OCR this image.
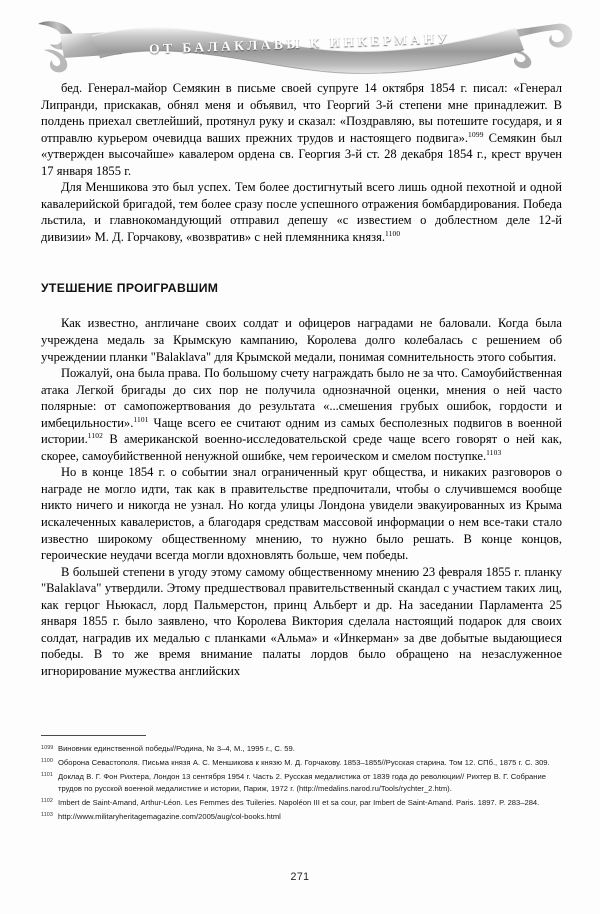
ОТ БАЛАКЛАВЫ К ИНКЕРМАНУ

бед. Генерал-майор Семякин в письме своей супруге 14 октября 1854 г. писал: «Генерал Липранди, прискакав, обнял меня и объявил, что Георгий 3-й степени мне принадлежит. В полдень приехал светлейший, протянул руку и сказал: «Поздравляю, вы потешите государя, и я отправлю курьером очевидца ваших прежних трудов и настоящего подвига».$^{1099}$ Семякин был «утвержден высочайше» кавалером ордена св. Георгия 3-й ст. 28 декабря 1854 г., крест вручен 17 января 1855 г.

Для Меншикова это был успех. Тем более достигнутый всего лишь одной пехотной и одной кавалерийской бригадой, тем более сразу после успешного отражения бомбардирования. Победа льстила, и главнокомандующий отправил депешу «с известием о доблестном деле 12-й дивизии» М. Д. Горчакову, «возвратив» с ней племянника князя.$^{1100}$

УТЕШЕНИЕ ПРОИГРАВШИМ

Как известно, англичане своих солдат и офицеров наградами не баловали. Когда была учреждена медаль за Крымскую кампанию, Королева долго колебалась с решением об учреждении планки "Balaklava" для Крымской медали, понимая сомнительность этого события.

Пожалуй, она была права. По большому счету награждать было не за что. Самоубийственная атака Легкой бригады до сих пор не получила однозначной оценки, мнения о ней часто полярные: от самопожертвования до результата «...смешения грубых ошибок, гордости и имбецильности».$^{1101}$ Чаще всего ее считают одним из самых бесполезных подвигов в военной истории.$^{1102}$ В американской военно-исследовательской среде чаще всего говорят о ней как, скорее, самоубийственной ненужной ошибке, чем героическом и смелом поступке.$^{1103}$

Но в конце 1854 г. о событии знал ограниченный круг общества, и никаких разговоров о награде не могло идти, так как в правительстве предпочитали, чтобы о случившемся вообще никто ничего и никогда не узнал. Но когда улицы Лондона увидели эвакуированных из Крыма искалеченных кавалеристов, а благодаря средствам массовой информации о нем все-таки стало известно широкому общественному мнению, то нужно было решать. В конце концов, героические неудачи всегда могли вдохновлять больше, чем победы.

В большей степени в угоду этому самому общественному мнению 23 февраля 1855 г. планку "Balaklava" утвердили. Этому предшествовал правительственный скандал с участием таких лиц, как герцог Ньюкасл, лорд Пальмерстон, принц Альберт и др. На заседании Парламента 25 января 1855 г. было заявлено, что Королева Виктория сделала настоящий подарок для своих солдат, наградив их медалью с планками «Альма» и «Инкерман» за две добытые выдающиеся победы. В то же время внимание палаты лордов было обращено на незаслуженное игнорирование мужества английских

1099 Виновник единственной победы//Родина, № 3–4, М., 1995 г., С. 59.
1100 Оборона Севастополя. Письма князя А. С. Меншикова к князю М. Д. Горчакову. 1853–1855//Русская старина. Том 12. СПб., 1875 г. С. 309.
1101 Доклад В. Г. Фон Рихтера, Лондон 13 сентября 1954 г. Часть 2. Русская медалистика от 1839 года до революции// Рихтер В. Г. Собрание трудов по русской военной медалистике и истории, Париж, 1972 г. (http://medalins.narod.ru/Tools/rychter_2.htm).
1102 Imbert de Saint-Amand, Arthur-Léon. Les Femmes des Tuileries. Napoléon III et sa cour, par Imbert de Saint-Amand. Paris. 1897. P. 283–284.
1103 http://www.militaryheritagemagazine.com/2005/aug/col-books.html
271
